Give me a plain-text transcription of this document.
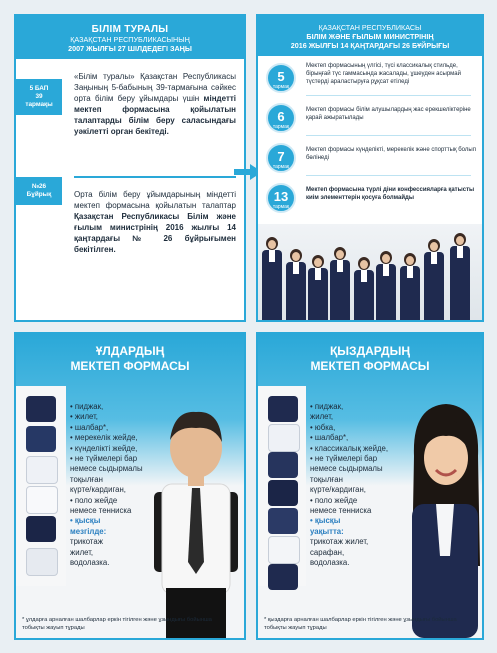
БІЛІМ ТУРАЛЫ
ҚАЗАҚСТАН РЕСПУБЛИКАСЫНЫҢ
2007 ЖЫЛҒЫ 27 ШІЛДЕДЕГІ ЗАҢЫ
5 БАП
39
тармақы
«Білім туралы» Қазақстан Республикасы Заңының 5-бабының 39-тармағына сәйкес орта білім беру ұйымдары үшін міндетті мектеп формасына қойылатын талаптарды білім беру саласындағы уәкілетті орган бекітеді.
№26
Бұйрық	Орта білім беру ұйымдарының міндетті мектеп формасына қойылатын талаптар Қазақстан Республикасы Білім және ғылым министрінің 2016 жылғы 14 қаңтардағы № 26 бұйрығымен бекітілген.
ҚАЗАҚСТАН РЕСПУБЛИКАСЫ
БІЛІМ ЖӘНЕ ҒЫЛЫМ МИНИСТРІНІҢ
2016 ЖЫЛҒЫ 14 ҚАҢТАРДАҒЫ 26 БҰЙРЫҒЫ
5
тармақ
Мектеп формасының үлгісі, түсі классикалық стильде, бірыңғай түс гаммасында жасалады, ұшеуден асырмай түстерді араластыруға рұқсат етіледі
6
тармақ
Мектеп формасы білім алушылардың жас ерекшеліктеріне қарай ажыратылады
7
тармақ
Мектеп формасы күнделікті, мерекелік және спорттық болып бөлінеді
13
тармақ
Мектеп формасына түрлі діни конфессияларға қатысты киім элементтерін қосуға болмайды
ҰЛДАРДЫҢ
МЕКТЕП ФОРМАСЫ
• пиджак,
• жилет,
• шалбар*,
• мерекелік жейде,
• күнделікті жейде,
• не түймелері бар
немесе сыдырмалы
тоқылған
күрте/кардиган,
• поло жейде
немесе тенниска
• қысқы
мезгілде:
трикотаж
жилет,
водолазка.
* ұлдарға арналған шалбарлар еркін тігілген және ұзындығы бойынша тобықты жауып тұрады
ҚЫЗДАРДЫҢ
МЕКТЕП ФОРМАСЫ
• пиджак,
жилет,
• юбка,
• шалбар*,
• классикалық жейде,
• не түймелері бар
немесе сыдырмалы
тоқылған
күрте/кардиган,
• поло жейде
немесе тенниска
• қысқы
уақытта:
трикотаж жилет,
сарафан,
водолазка.
* қыздарға арналған шалбарлар еркін тігілген және ұзындығы бойынша тобықты жауып тұрады
